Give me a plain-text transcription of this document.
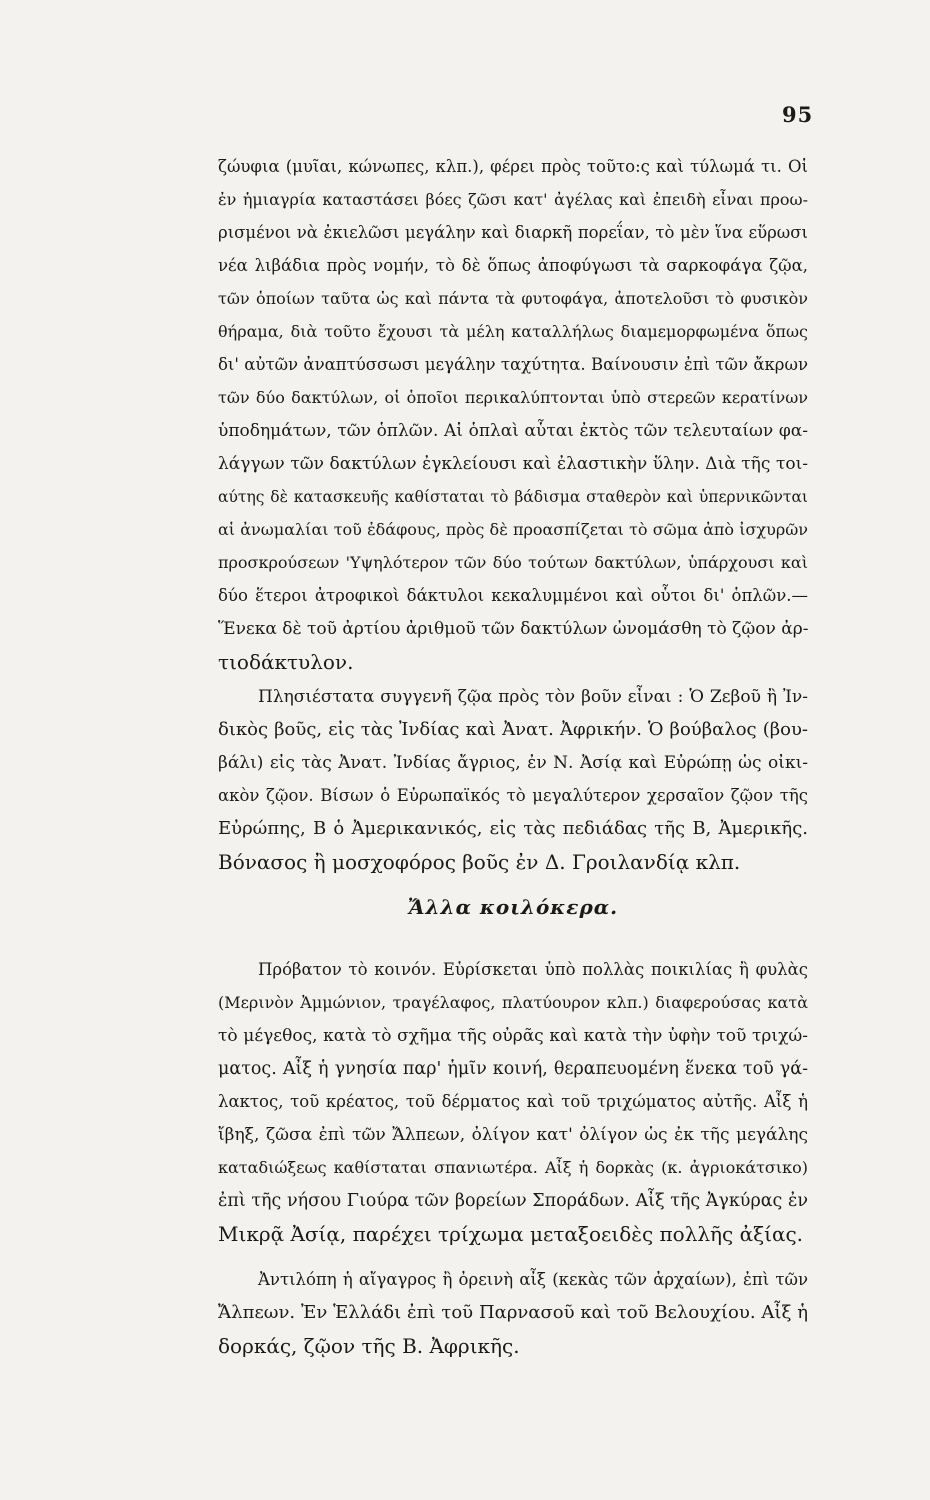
95
ζώυφια (μυῖαι, κώνωπες, κλπ.), φέρει πρὸς τοῦτο:ς καὶ τύλωμά τι. Οἱ
ἐν ἡμιαγρία καταστάσει βόες ζῶσι κατ' ἀγέλας καὶ ἐπειδὴ εἶναι προω-
ρισμένοι νὰ ἐκιελῶσι μεγάλην καὶ διαρκῆ πορεΐαν, τὸ μὲν ἵνα εὕρωσι
νέα λιβάδια πρὸς νομήν, τὸ δὲ ὅπως ἀποφύγωσι τὰ σαρκοφάγα ζῷα,
τῶν ὁποίων ταῦτα ὡς καὶ πάντα τὰ φυτοφάγα, ἀποτελοῦσι τὸ φυσικὸν
θήραμα, διὰ τοῦτο ἔχουσι τὰ μέλη καταλλήλως διαμεμορφωμένα ὅπως
δι' αὐτῶν ἀναπτύσσωσι μεγάλην ταχύτητα. Βαίνουσιν ἐπὶ τῶν ἄκρων
τῶν δύο δακτύλων, οἱ ὁποῖοι περικαλύπτονται ὑπὸ στερεῶν κερατίνων
ὑποδημάτων, τῶν ὁπλῶν. Αἱ ὁπλαὶ αὗται ἐκτὸς τῶν τελευταίων φα-
λάγγων τῶν δακτύλων ἐγκλείουσι καὶ ἐλαστικὴν ὕλην. Διὰ τῆς τοι-
αύτης δὲ κατασκευῆς καθίσταται τὸ βάδισμα σταθερὸν καὶ ὑπερνικῶνται
αἱ ἀνωμαλίαι τοῦ ἐδάφους, πρὸς δὲ προασπίζεται τὸ σῶμα ἀπὸ ἰσχυρῶν
προσκρούσεων 'Υψηλότερον τῶν δύο τούτων δακτύλων, ὑπάρχουσι καὶ
δύο ἕτεροι ἀτροφικοὶ δάκτυλοι κεκαλυμμένοι καὶ οὗτοι δι' ὁπλῶν.—
Ἕνεκα δὲ τοῦ ἀρτίου ἀριθμοῦ τῶν δακτύλων ὠνομάσθη τὸ ζῷον ἀρ-
τιοδάκτυλον.
Πλησιέστατα συγγενῆ ζῷα πρὸς τὸν βοῦν εἶναι : Ὁ Ζεβοῦ ἢ Ἰν-
δικὸς βοῦς, εἰς τὰς Ἰνδίας καὶ Ἀνατ. Ἀφρικήν. Ὁ βούβαλος (βου-
βάλι) εἰς τὰς Ἀνατ. Ἰνδίας ἄγριος, ἐν Ν. Ἀσίᾳ καὶ Εὐρώπῃ ὡς οἰκι-
ακὸν ζῷον. Βίσων ὁ Εὐρωπαϊκός τὸ μεγαλύτερον χερσαῖον ζῷον τῆς
Εὐρώπης, Β ὁ Ἀμερικανικός, εἰς τὰς πεδιάδας τῆς Β, Ἀμερικῆς.
Βόνασος ἢ μοσχοφόρος βοῦς ἐν Δ. Γροιλανδίᾳ κλπ.
Ἄλλα κοιλόκερα.
Πρόβατον τὸ κοινόν. Εὑρίσκεται ὑπὸ πολλὰς ποικιλίας ἢ φυλὰς
(Μερινὸν Ἀμμώνιον, τραγέλαφος, πλατύουρον κλπ.) διαφερούσας κατὰ
τὸ μέγεθος, κατὰ τὸ σχῆμα τῆς οὐρᾶς καὶ κατὰ τὴν ὑφὴν τοῦ τριχώ-
ματος. Αἶξ ἡ γνησία παρ' ἡμῖν κοινή, θεραπευομένη ἕνεκα τοῦ γά-
λακτος, τοῦ κρέατος, τοῦ δέρματος καὶ τοῦ τριχώματος αὐτῆς. Αἶξ ἡ
ἴβηξ, ζῶσα ἐπὶ τῶν Ἄλπεων, ὀλίγον κατ' ὀλίγον ὡς ἐκ τῆς μεγάλης
καταδιώξεως καθίσταται σπανιωτέρα. Αἶξ ἡ δορκὰς (κ. ἀγριοκάτσικο)
ἐπὶ τῆς νήσου Γιούρα τῶν βορείων Σποράδων. Αἶξ τῆς Ἀγκύρας ἐν
Μικρᾷ Ἀσίᾳ, παρέχει τρίχωμα μεταξοειδὲς πολλῆς ἀξίας.
Ἀντιλόπη ἡ αἴγαγρος ἢ ὀρεινὴ αἶξ (κεκὰς τῶν ἀρχαίων), ἐπὶ τῶν
Ἄλπεων. Ἐν Ἑλλάδι ἐπὶ τοῦ Παρνασοῦ καὶ τοῦ Βελουχίου. Αἶξ ἡ
δορκάς, ζῷον τῆς Β. Ἀφρικῆς.
